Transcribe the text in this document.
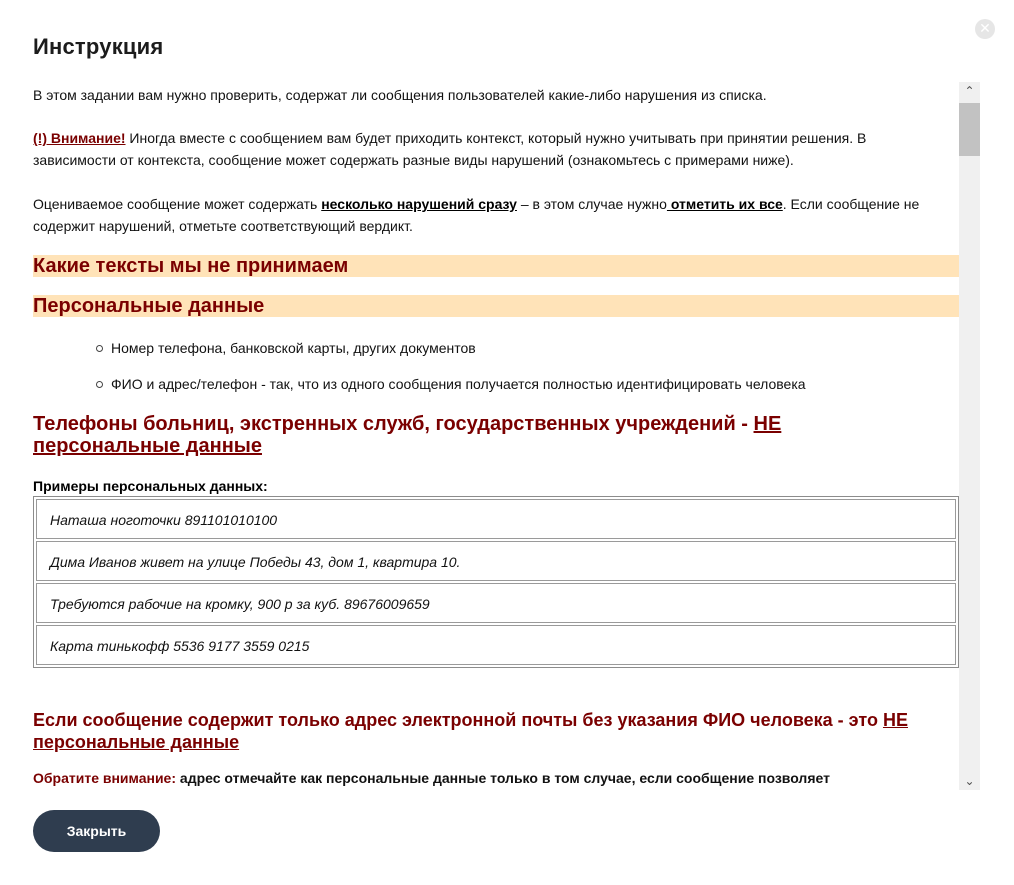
✕
Инструкция
В этом задании вам нужно проверить, содержат ли сообщения пользователей какие-либо нарушения из списка.
(!) Внимание! Иногда вместе с сообщением вам будет приходить контекст, который нужно учитывать при принятии решения. В зависимости от контекста, сообщение может содержать разные виды нарушений (ознакомьтесь с примерами ниже).
Оцениваемое сообщение может содержать несколько нарушений сразу – в этом случае нужно отметить их все. Если сообщение не содержит нарушений, отметьте соответствующий вердикт.
Какие тексты мы не принимаем
Персональные данные
Номер телефона, банковской карты, других документов
ФИО и адрес/телефон - так, что из одного сообщения получается полностью идентифицировать человека
Телефоны больниц, экстренных служб, государственных учреждений - НЕ персональные данные
Примеры персональных данных:
Наташа ноготочки 891101010100
Дима Иванов живет на улице Победы 43, дом 1, квартира 10.
Требуются рабочие на кромку, 900 р за куб. 89676009659
Карта тинькофф 5536 9177 3559 0215
Если сообщение содержит только адрес электронной почты без указания ФИО человека - это НЕ персональные данные
Обратите внимание: адрес отмечайте как персональные данные только в том случае, если сообщение позволяет
⌃
⌄
Закрыть
